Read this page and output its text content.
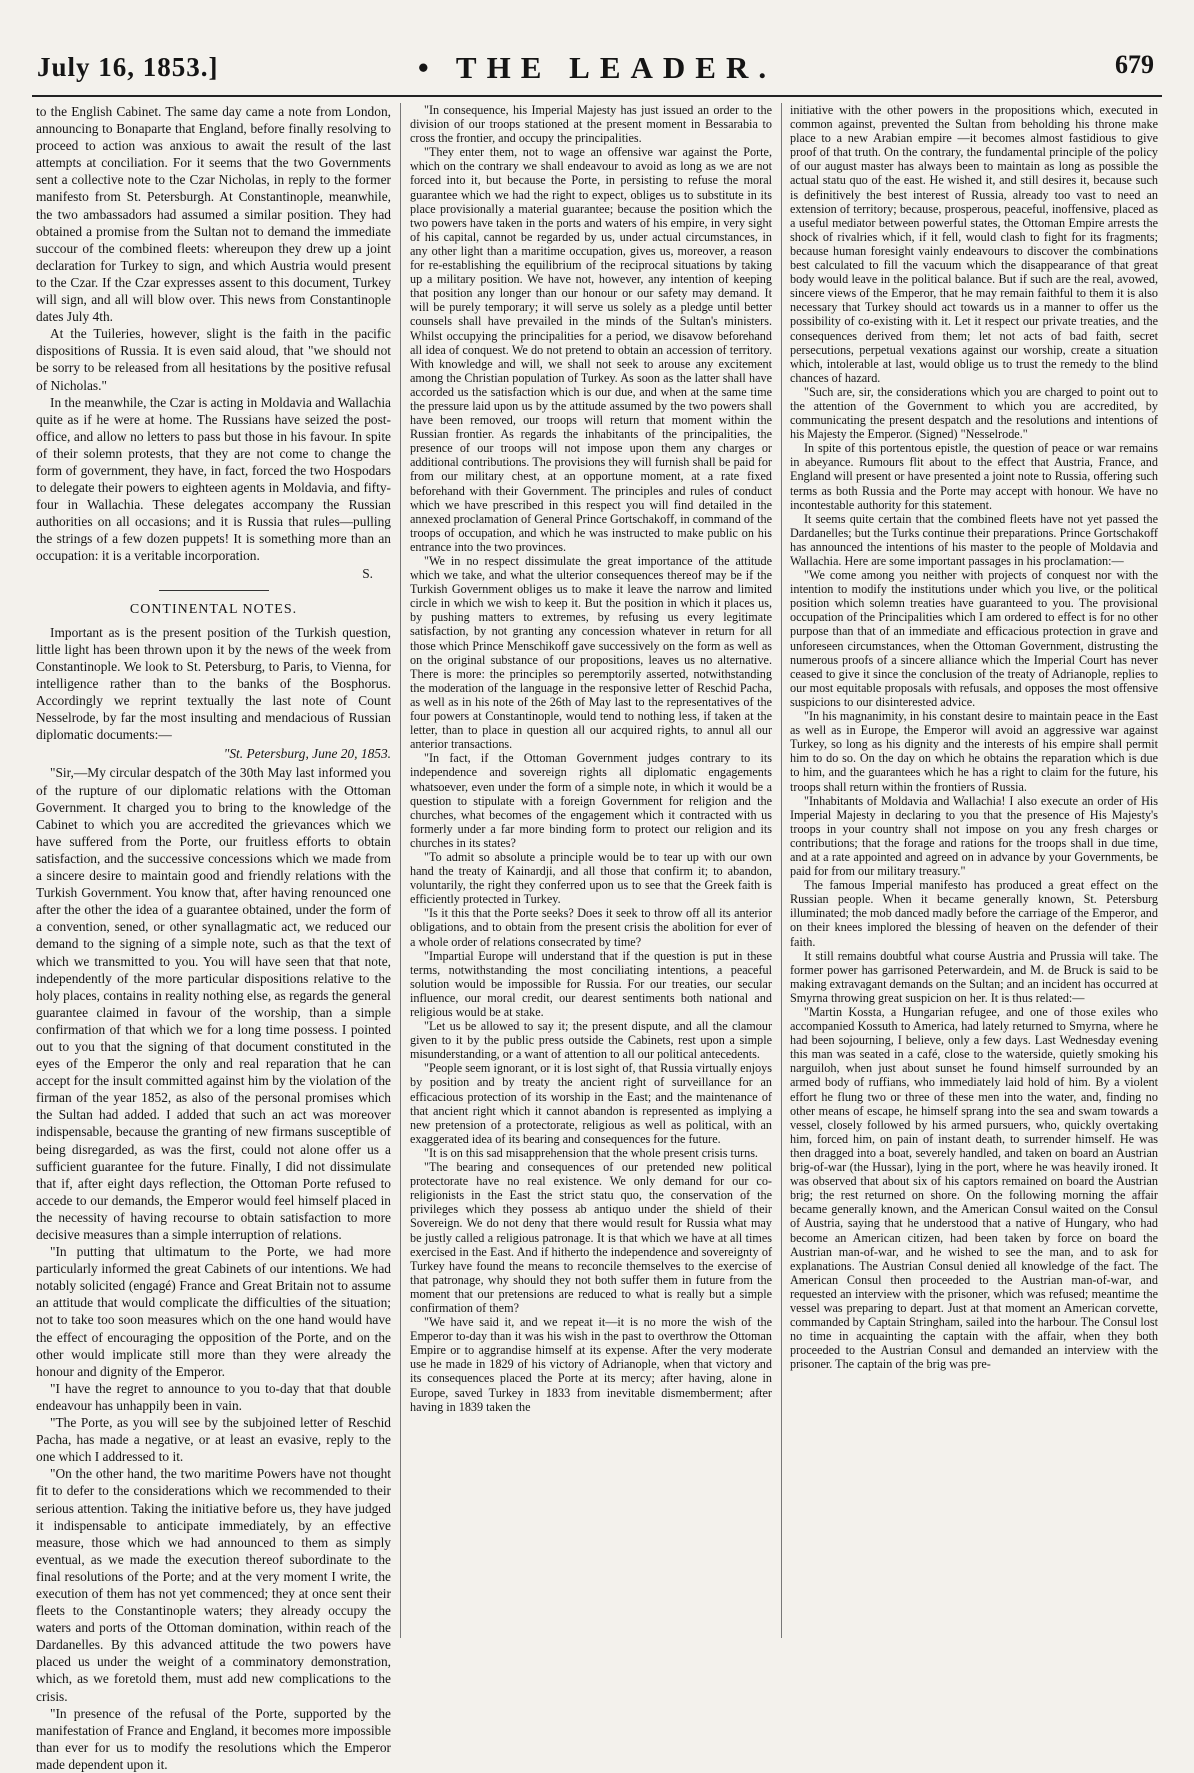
July 16, 1853.]	• THE LEADER.	679

to the English Cabinet. The same day came a note from London, announcing to Bonaparte that England, before finally resolving to proceed to action was anxious to await the result of the last attempts at conciliation. For it seems that the two Governments sent a collective note to the Czar Nicholas, in reply to the former manifesto from St. Petersburgh. At Constantinople, meanwhile, the two ambassadors had assumed a similar position. They had obtained a promise from the Sultan not to demand the immediate succour of the combined fleets: whereupon they drew up a joint declaration for Turkey to sign, and which Austria would present to the Czar. If the Czar expresses assent to this document, Turkey will sign, and all will blow over. This news from Constantinople dates July 4th.

At the Tuileries, however, slight is the faith in the pacific dispositions of Russia. It is even said aloud, that "we should not be sorry to be released from all hesitations by the positive refusal of Nicholas."

In the meanwhile, the Czar is acting in Moldavia and Wallachia quite as if he were at home. The Russians have seized the post-office, and allow no letters to pass but those in his favour. In spite of their solemn protests, that they are not come to change the form of government, they have, in fact, forced the two Hospodars to delegate their powers to eighteen agents in Moldavia, and fifty-four in Wallachia. These delegates accompany the Russian authorities on all occasions; and it is Russia that rules—pulling the strings of a few dozen puppets! It is something more than an occupation: it is a veritable incorporation.

S.

CONTINENTAL NOTES.

Important as is the present position of the Turkish question, little light has been thrown upon it by the news of the week from Constantinople. We look to St. Petersburg, to Paris, to Vienna, for intelligence rather than to the banks of the Bosphorus. Accordingly we reprint textually the last note of Count Nesselrode, by far the most insulting and mendacious of Russian diplomatic documents:—

"St. Petersburg, June 20, 1853.

"Sir,—My circular despatch of the 30th May last informed you of the rupture of our diplomatic relations with the Ottoman Government. It charged you to bring to the knowledge of the Cabinet to which you are accredited the grievances which we have suffered from the Porte, our fruitless efforts to obtain satisfaction, and the successive concessions which we made from a sincere desire to maintain good and friendly relations with the Turkish Government. You know that, after having renounced one after the other the idea of a guarantee obtained, under the form of a convention, sened, or other synallagmatic act, we reduced our demand to the signing of a simple note, such as that the text of which we transmitted to you. You will have seen that that note, independently of the more particular dispositions relative to the holy places, contains in reality nothing else, as regards the general guarantee claimed in favour of the worship, than a simple confirmation of that which we for a long time possess. I pointed out to you that the signing of that document constituted in the eyes of the Emperor the only and real reparation that he can accept for the insult committed against him by the violation of the firman of the year 1852, as also of the personal promises which the Sultan had added. I added that such an act was moreover indispensable, because the granting of new firmans susceptible of being disregarded, as was the first, could not alone offer us a sufficient guarantee for the future. Finally, I did not dissimulate that if, after eight days reflection, the Ottoman Porte refused to accede to our demands, the Emperor would feel himself placed in the necessity of having recourse to obtain satisfaction to more decisive measures than a simple interruption of relations.

"In putting that ultimatum to the Porte, we had more particularly informed the great Cabinets of our intentions. We had notably solicited (engagé) France and Great Britain not to assume an attitude that would complicate the difficulties of the situation; not to take too soon measures which on the one hand would have the effect of encouraging the opposition of the Porte, and on the other would implicate still more than they were already the honour and dignity of the Emperor.

"I have the regret to announce to you to-day that that double endeavour has unhappily been in vain.

"The Porte, as you will see by the subjoined letter of Reschid Pacha, has made a negative, or at least an evasive, reply to the one which I addressed to it.

"On the other hand, the two maritime Powers have not thought fit to defer to the considerations which we recommended to their serious attention. Taking the initiative before us, they have judged it indispensable to anticipate immediately, by an effective measure, those which we had announced to them as simply eventual, as we made the execution thereof subordinate to the final resolutions of the Porte; and at the very moment I write, the execution of them has not yet commenced; they at once sent their fleets to the Constantinople waters; they already occupy the waters and ports of the Ottoman domination, within reach of the Dardanelles. By this advanced attitude the two powers have placed us under the weight of a comminatory demonstration, which, as we foretold them, must add new complications to the crisis.

"In presence of the refusal of the Porte, supported by the manifestation of France and England, it becomes more impossible than ever for us to modify the resolutions which the Emperor made dependent upon it.

"In consequence, his Imperial Majesty has just issued an order to the division of our troops stationed at the present moment in Bessarabia to cross the frontier, and occupy the principalities.

"They enter them, not to wage an offensive war against the Porte, which on the contrary we shall endeavour to avoid as long as we are not forced into it, but because the Porte, in persisting to refuse the moral guarantee which we had the right to expect, obliges us to substitute in its place provisionally a material guarantee; because the position which the two powers have taken in the ports and waters of his empire, in very sight of his capital, cannot be regarded by us, under actual circumstances, in any other light than a maritime occupation, gives us, moreover, a reason for re-establishing the equilibrium of the reciprocal situations by taking up a military position. We have not, however, any intention of keeping that position any longer than our honour or our safety may demand. It will be purely temporary; it will serve us solely as a pledge until better counsels shall have prevailed in the minds of the Sultan's ministers. Whilst occupying the principalities for a period, we disavow beforehand all idea of conquest. We do not pretend to obtain an accession of territory. With knowledge and will, we shall not seek to arouse any excitement among the Christian population of Turkey. As soon as the latter shall have accorded us the satisfaction which is our due, and when at the same time the pressure laid upon us by the attitude assumed by the two powers shall have been removed, our troops will return that moment within the Russian frontier. As regards the inhabitants of the principalities, the presence of our troops will not impose upon them any charges or additional contributions. The provisions they will furnish shall be paid for from our military chest, at an opportune moment, at a rate fixed beforehand with their Government. The principles and rules of conduct which we have prescribed in this respect you will find detailed in the annexed proclamation of General Prince Gortschakoff, in command of the troops of occupation, and which he was instructed to make public on his entrance into the two provinces.

"We in no respect dissimulate the great importance of the attitude which we take, and what the ulterior consequences thereof may be if the Turkish Government obliges us to make it leave the narrow and limited circle in which we wish to keep it. But the position in which it places us, by pushing matters to extremes, by refusing us every legitimate satisfaction, by not granting any concession whatever in return for all those which Prince Menschikoff gave successively on the form as well as on the original substance of our propositions, leaves us no alternative. There is more: the principles so peremptorily asserted, notwithstanding the moderation of the language in the responsive letter of Reschid Pacha, as well as in his note of the 26th of May last to the representatives of the four powers at Constantinople, would tend to nothing less, if taken at the letter, than to place in question all our acquired rights, to annul all our anterior transactions.

"In fact, if the Ottoman Government judges contrary to its independence and sovereign rights all diplomatic engagements whatsoever, even under the form of a simple note, in which it would be a question to stipulate with a foreign Government for religion and the churches, what becomes of the engagement which it contracted with us formerly under a far more binding form to protect our religion and its churches in its states?

"To admit so absolute a principle would be to tear up with our own hand the treaty of Kainardji, and all those that confirm it; to abandon, voluntarily, the right they conferred upon us to see that the Greek faith is efficiently protected in Turkey.

"Is it this that the Porte seeks? Does it seek to throw off all its anterior obligations, and to obtain from the present crisis the abolition for ever of a whole order of relations consecrated by time?

"Impartial Europe will understand that if the question is put in these terms, notwithstanding the most conciliating intentions, a peaceful solution would be impossible for Russia. For our treaties, our secular influence, our moral credit, our dearest sentiments both national and religious would be at stake.

"Let us be allowed to say it; the present dispute, and all the clamour given to it by the public press outside the Cabinets, rest upon a simple misunderstanding, or a want of attention to all our political antecedents.

"People seem ignorant, or it is lost sight of, that Russia virtually enjoys by position and by treaty the ancient right of surveillance for an efficacious protection of its worship in the East; and the maintenance of that ancient right which it cannot abandon is represented as implying a new pretension of a protectorate, religious as well as political, with an exaggerated idea of its bearing and consequences for the future.

"It is on this sad misapprehension that the whole present crisis turns.

"The bearing and consequences of our pretended new political protectorate have no real existence. We only demand for our co-religionists in the East the strict statu quo, the conservation of the privileges which they possess ab antiquo under the shield of their Sovereign. We do not deny that there would result for Russia what may be justly called a religious patronage. It is that which we have at all times exercised in the East. And if hitherto the independence and sovereignty of Turkey have found the means to reconcile themselves to the exercise of that patronage, why should they not both suffer them in future from the moment that our pretensions are reduced to what is really but a simple confirmation of them?

"We have said it, and we repeat it—it is no more the wish of the Emperor to-day than it was his wish in the past to overthrow the Ottoman Empire or to aggrandise himself at its expense. After the very moderate use he made in 1829 of his victory of Adrianople, when that victory and its consequences placed the Porte at its mercy; after having, alone in Europe, saved Turkey in 1833 from inevitable dismemberment; after having in 1839 taken the

initiative with the other powers in the propositions which, executed in common against, prevented the Sultan from beholding his throne make place to a new Arabian empire —it becomes almost fastidious to give proof of that truth. On the contrary, the fundamental principle of the policy of our august master has always been to maintain as long as possible the actual statu quo of the east. He wished it, and still desires it, because such is definitively the best interest of Russia, already too vast to need an extension of territory; because, prosperous, peaceful, inoffensive, placed as a useful mediator between powerful states, the Ottoman Empire arrests the shock of rivalries which, if it fell, would clash to fight for its fragments; because human foresight vainly endeavours to discover the combinations best calculated to fill the vacuum which the disappearance of that great body would leave in the political balance. But if such are the real, avowed, sincere views of the Emperor, that he may remain faithful to them it is also necessary that Turkey should act towards us in a manner to offer us the possibility of co-existing with it. Let it respect our private treaties, and the consequences derived from them; let not acts of bad faith, secret persecutions, perpetual vexations against our worship, create a situation which, intolerable at last, would oblige us to trust the remedy to the blind chances of hazard.

"Such are, sir, the considerations which you are charged to point out to the attention of the Government to which you are accredited, by communicating the present despatch and the resolutions and intentions of his Majesty the Emperor. (Signed) "Nesselrode."

In spite of this portentous epistle, the question of peace or war remains in abeyance. Rumours flit about to the effect that Austria, France, and England will present or have presented a joint note to Russia, offering such terms as both Russia and the Porte may accept with honour. We have no incontestable authority for this statement.

It seems quite certain that the combined fleets have not yet passed the Dardanelles; but the Turks continue their preparations. Prince Gortschakoff has announced the intentions of his master to the people of Moldavia and Wallachia. Here are some important passages in his proclamation:—

"We come among you neither with projects of conquest nor with the intention to modify the institutions under which you live, or the political position which solemn treaties have guaranteed to you. The provisional occupation of the Principalities which I am ordered to effect is for no other purpose than that of an immediate and efficacious protection in grave and unforeseen circumstances, when the Ottoman Government, distrusting the numerous proofs of a sincere alliance which the Imperial Court has never ceased to give it since the conclusion of the treaty of Adrianople, replies to our most equitable proposals with refusals, and opposes the most offensive suspicions to our disinterested advice.

"In his magnanimity, in his constant desire to maintain peace in the East as well as in Europe, the Emperor will avoid an aggressive war against Turkey, so long as his dignity and the interests of his empire shall permit him to do so. On the day on which he obtains the reparation which is due to him, and the guarantees which he has a right to claim for the future, his troops shall return within the frontiers of Russia.

"Inhabitants of Moldavia and Wallachia! I also execute an order of His Imperial Majesty in declaring to you that the presence of His Majesty's troops in your country shall not impose on you any fresh charges or contributions; that the forage and rations for the troops shall in due time, and at a rate appointed and agreed on in advance by your Governments, be paid for from our military treasury."

The famous Imperial manifesto has produced a great effect on the Russian people. When it became generally known, St. Petersburg illuminated; the mob danced madly before the carriage of the Emperor, and on their knees implored the blessing of heaven on the defender of their faith.

It still remains doubtful what course Austria and Prussia will take. The former power has garrisoned Peterwardein, and M. de Bruck is said to be making extravagant demands on the Sultan; and an incident has occurred at Smyrna throwing great suspicion on her. It is thus related:—

"Martin Kossta, a Hungarian refugee, and one of those exiles who accompanied Kossuth to America, had lately returned to Smyrna, where he had been sojourning, I believe, only a few days. Last Wednesday evening this man was seated in a café, close to the waterside, quietly smoking his narguiloh, when just about sunset he found himself surrounded by an armed body of ruffians, who immediately laid hold of him. By a violent effort he flung two or three of these men into the water, and, finding no other means of escape, he himself sprang into the sea and swam towards a vessel, closely followed by his armed pursuers, who, quickly overtaking him, forced him, on pain of instant death, to surrender himself. He was then dragged into a boat, severely handled, and taken on board an Austrian brig-of-war (the Hussar), lying in the port, where he was heavily ironed. It was observed that about six of his captors remained on board the Austrian brig; the rest returned on shore. On the following morning the affair became generally known, and the American Consul waited on the Consul of Austria, saying that he understood that a native of Hungary, who had become an American citizen, had been taken by force on board the Austrian man-of-war, and he wished to see the man, and to ask for explanations. The Austrian Consul denied all knowledge of the fact. The American Consul then proceeded to the Austrian man-of-war, and requested an interview with the prisoner, which was refused; meantime the vessel was preparing to depart. Just at that moment an American corvette, commanded by Captain Stringham, sailed into the harbour. The Consul lost no time in acquainting the captain with the affair, when they both proceeded to the Austrian Consul and demanded an interview with the prisoner. The captain of the brig was pre-
